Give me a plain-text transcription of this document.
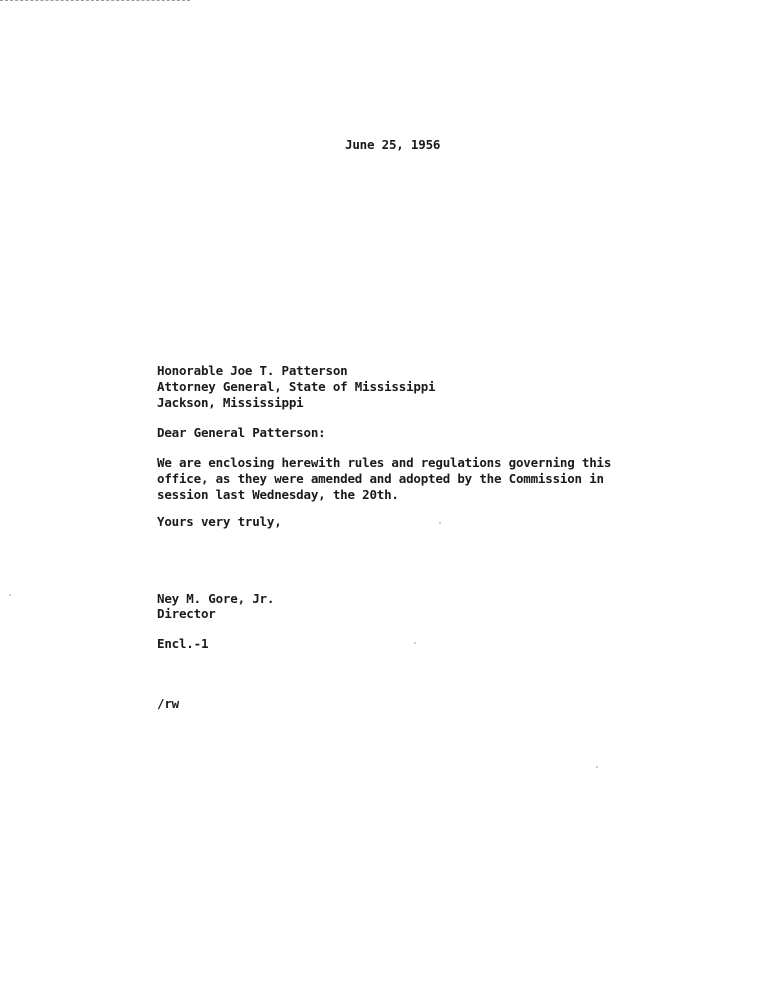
June 25, 1956
Honorable Joe T. Patterson
Attorney General, State of Mississippi
Jackson, Mississippi
Dear General Patterson:
We are enclosing herewith rules and regulations governing this
office, as they were amended and adopted by the Commission in
session last Wednesday, the 20th.
Yours very truly,
Ney M. Gore, Jr.
Director
Encl.-1
/rw
